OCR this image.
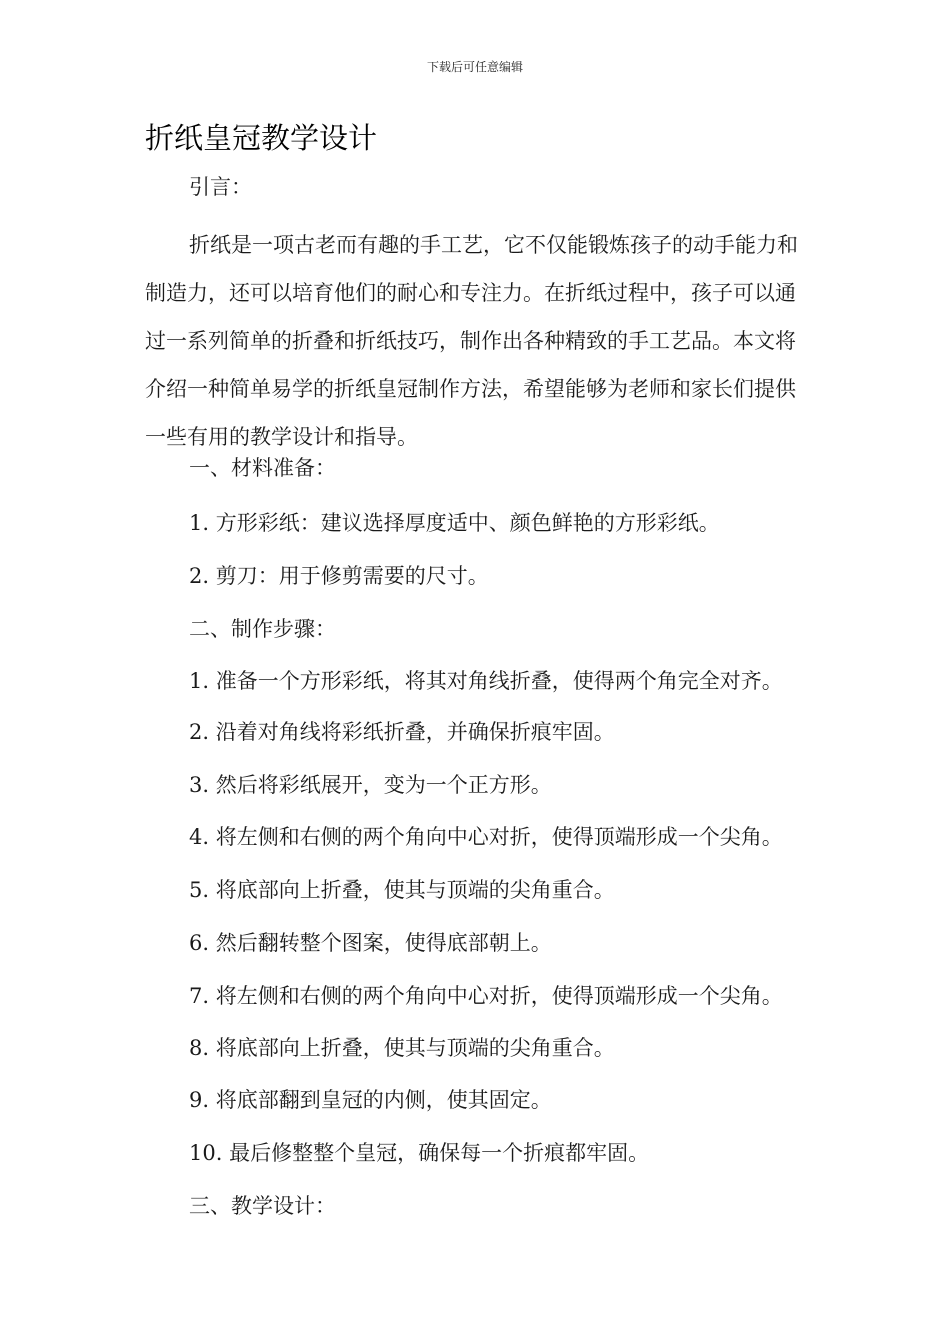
下载后可任意编辑
折纸皇冠教学设计
引言：

折纸是一项古老而有趣的手工艺，它不仅能锻炼孩子的动手能力和制造力，还可以培育他们的耐心和专注力。在折纸过程中，孩子可以通过一系列简单的折叠和折纸技巧，制作出各种精致的手工艺品。本文将介绍一种简单易学的折纸皇冠制作方法，希望能够为老师和家长们提供一些有用的教学设计和指导。

一、材料准备：
1. 方形彩纸：建议选择厚度适中、颜色鲜艳的方形彩纸。
2. 剪刀：用于修剪需要的尺寸。
二、制作步骤：
1. 准备一个方形彩纸，将其对角线折叠，使得两个角完全对齐。
2. 沿着对角线将彩纸折叠，并确保折痕牢固。
3. 然后将彩纸展开，变为一个正方形。
4. 将左侧和右侧的两个角向中心对折，使得顶端形成一个尖角。
5. 将底部向上折叠，使其与顶端的尖角重合。
6. 然后翻转整个图案，使得底部朝上。
7. 将左侧和右侧的两个角向中心对折，使得顶端形成一个尖角。
8. 将底部向上折叠，使其与顶端的尖角重合。
9. 将底部翻到皇冠的内侧，使其固定。
10. 最后修整整个皇冠，确保每一个折痕都牢固。
三、教学设计：
